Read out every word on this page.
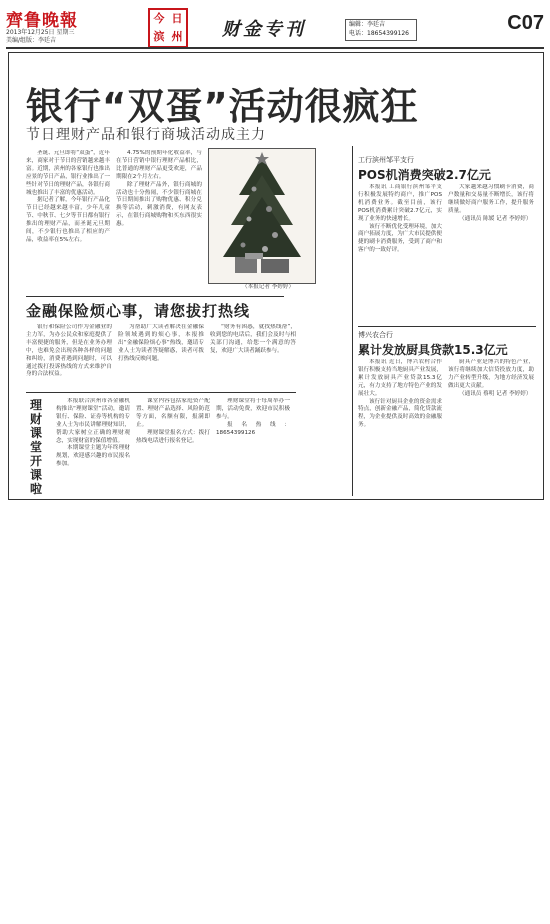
齊鲁晚報
2013年12月25日 星期三
美编/组版：李廷吉
今 日
滨 州 财金专刊	编辑：李廷吉
电话：18654399126	C07
银行“双蛋”活动很疯狂
节日理财产品和银行商城活动成主力

圣诞、元旦即将“双蛋”，近年来，商家对于节日的营销越来越丰富。近期，滨州的各家银行也推出应景的节日产品，银行业推出了一些针对节日的理财产品，各银行商城也推出了丰富的优惠活动。

据记者了解，今年银行产品化节日已经越来越丰富，少年儿童节、中秋节、七夕等节日都有银行推出的理财产品，而圣诞元旦期间，不少银行也推出了相应的产品，收益率在5%左右。

4.75%的预期年化收益率，与在节日营销中银行理财产品相比，比普通的理财产品更受欢迎，产品期限在2个月左右。

除了理财产品外，银行商城的活动也十分热闹，不少银行商城在节日期间推出了购物优惠、积分兑换等活动，刺激消费，有网友表示，在银行商城购物和买东西很实惠。

（本报记者 李婷婷）
金融保险烦心事，请您拔打热线

银行和保险公司作为金融业的主力军，为办公民众和家庭提供了丰富便捷的服务，但是在业务办理中，也难免会出现各种各样的问题和纠纷，消费者遇到问题时，可以通过拨打投诉热线的方式来维护自身的合法权益。

为帮助广大读者解决在金融保险领域遇到的烦心事，本报推出“金融保险烦心事”热线，邀请专业人士为读者答疑解惑，读者可拨打热线反映问题。

“财务有困惑，就找热线帮”，收到您的电话后，我们会及时与相关部门沟通，给您一个满意的答复，欢迎广大读者踊跃参与。

理财课堂开课啦

本报联合滨州市各金融机构推出“理财课堂”活动，邀请银行、保险、证券等机构的专业人士为市民讲解理财知识，帮助大家树立正确的理财观念，实现财富的保值增值。

本期课堂主题为年终理财规划，欢迎感兴趣的市民报名参加。

课堂内容包括家庭资产配置、理财产品选择、风险防范等方面，名额有限，报满即止。

理财课堂报名方式：拨打热线电话进行报名登记。

理财课堂将于每周举办一期，活动免费，欢迎市民积极参与。

报名热线：18654399126

工行滨州邹平支行
POS机消费突破2.7亿元

本报讯 工商银行滨州邹平支行积极发展特约商户，推广POS机消费业务。截至目前，该行POS机消费累计突破2.7亿元，实现了业务的快速增长。

该行不断优化受理环境，加大商户拓展力度，为广大市民提供便捷的刷卡消费服务，受到了商户和客户的一致好评。

大家越来越习惯刷卡消费，商户数量和交易量不断增长，该行将继续做好商户服务工作，提升服务质量。

（通讯员 陈媛 记者 李婷婷）

博兴农合行
累计发放厨具贷款15.3亿元

本报讯 近日，博兴农村合作银行积极支持当地厨具产业发展，累计发放厨具产业贷款15.3亿元，有力支持了地方特色产业的发展壮大。

该行针对厨具企业的资金需求特点，创新金融产品，简化贷款流程，为企业提供及时高效的金融服务。

厨具产业是博兴的特色产业，该行将继续加大信贷投放力度，助力产业转型升级，为地方经济发展做出更大贡献。

（通讯员 蔡明 记者 李婷婷）
